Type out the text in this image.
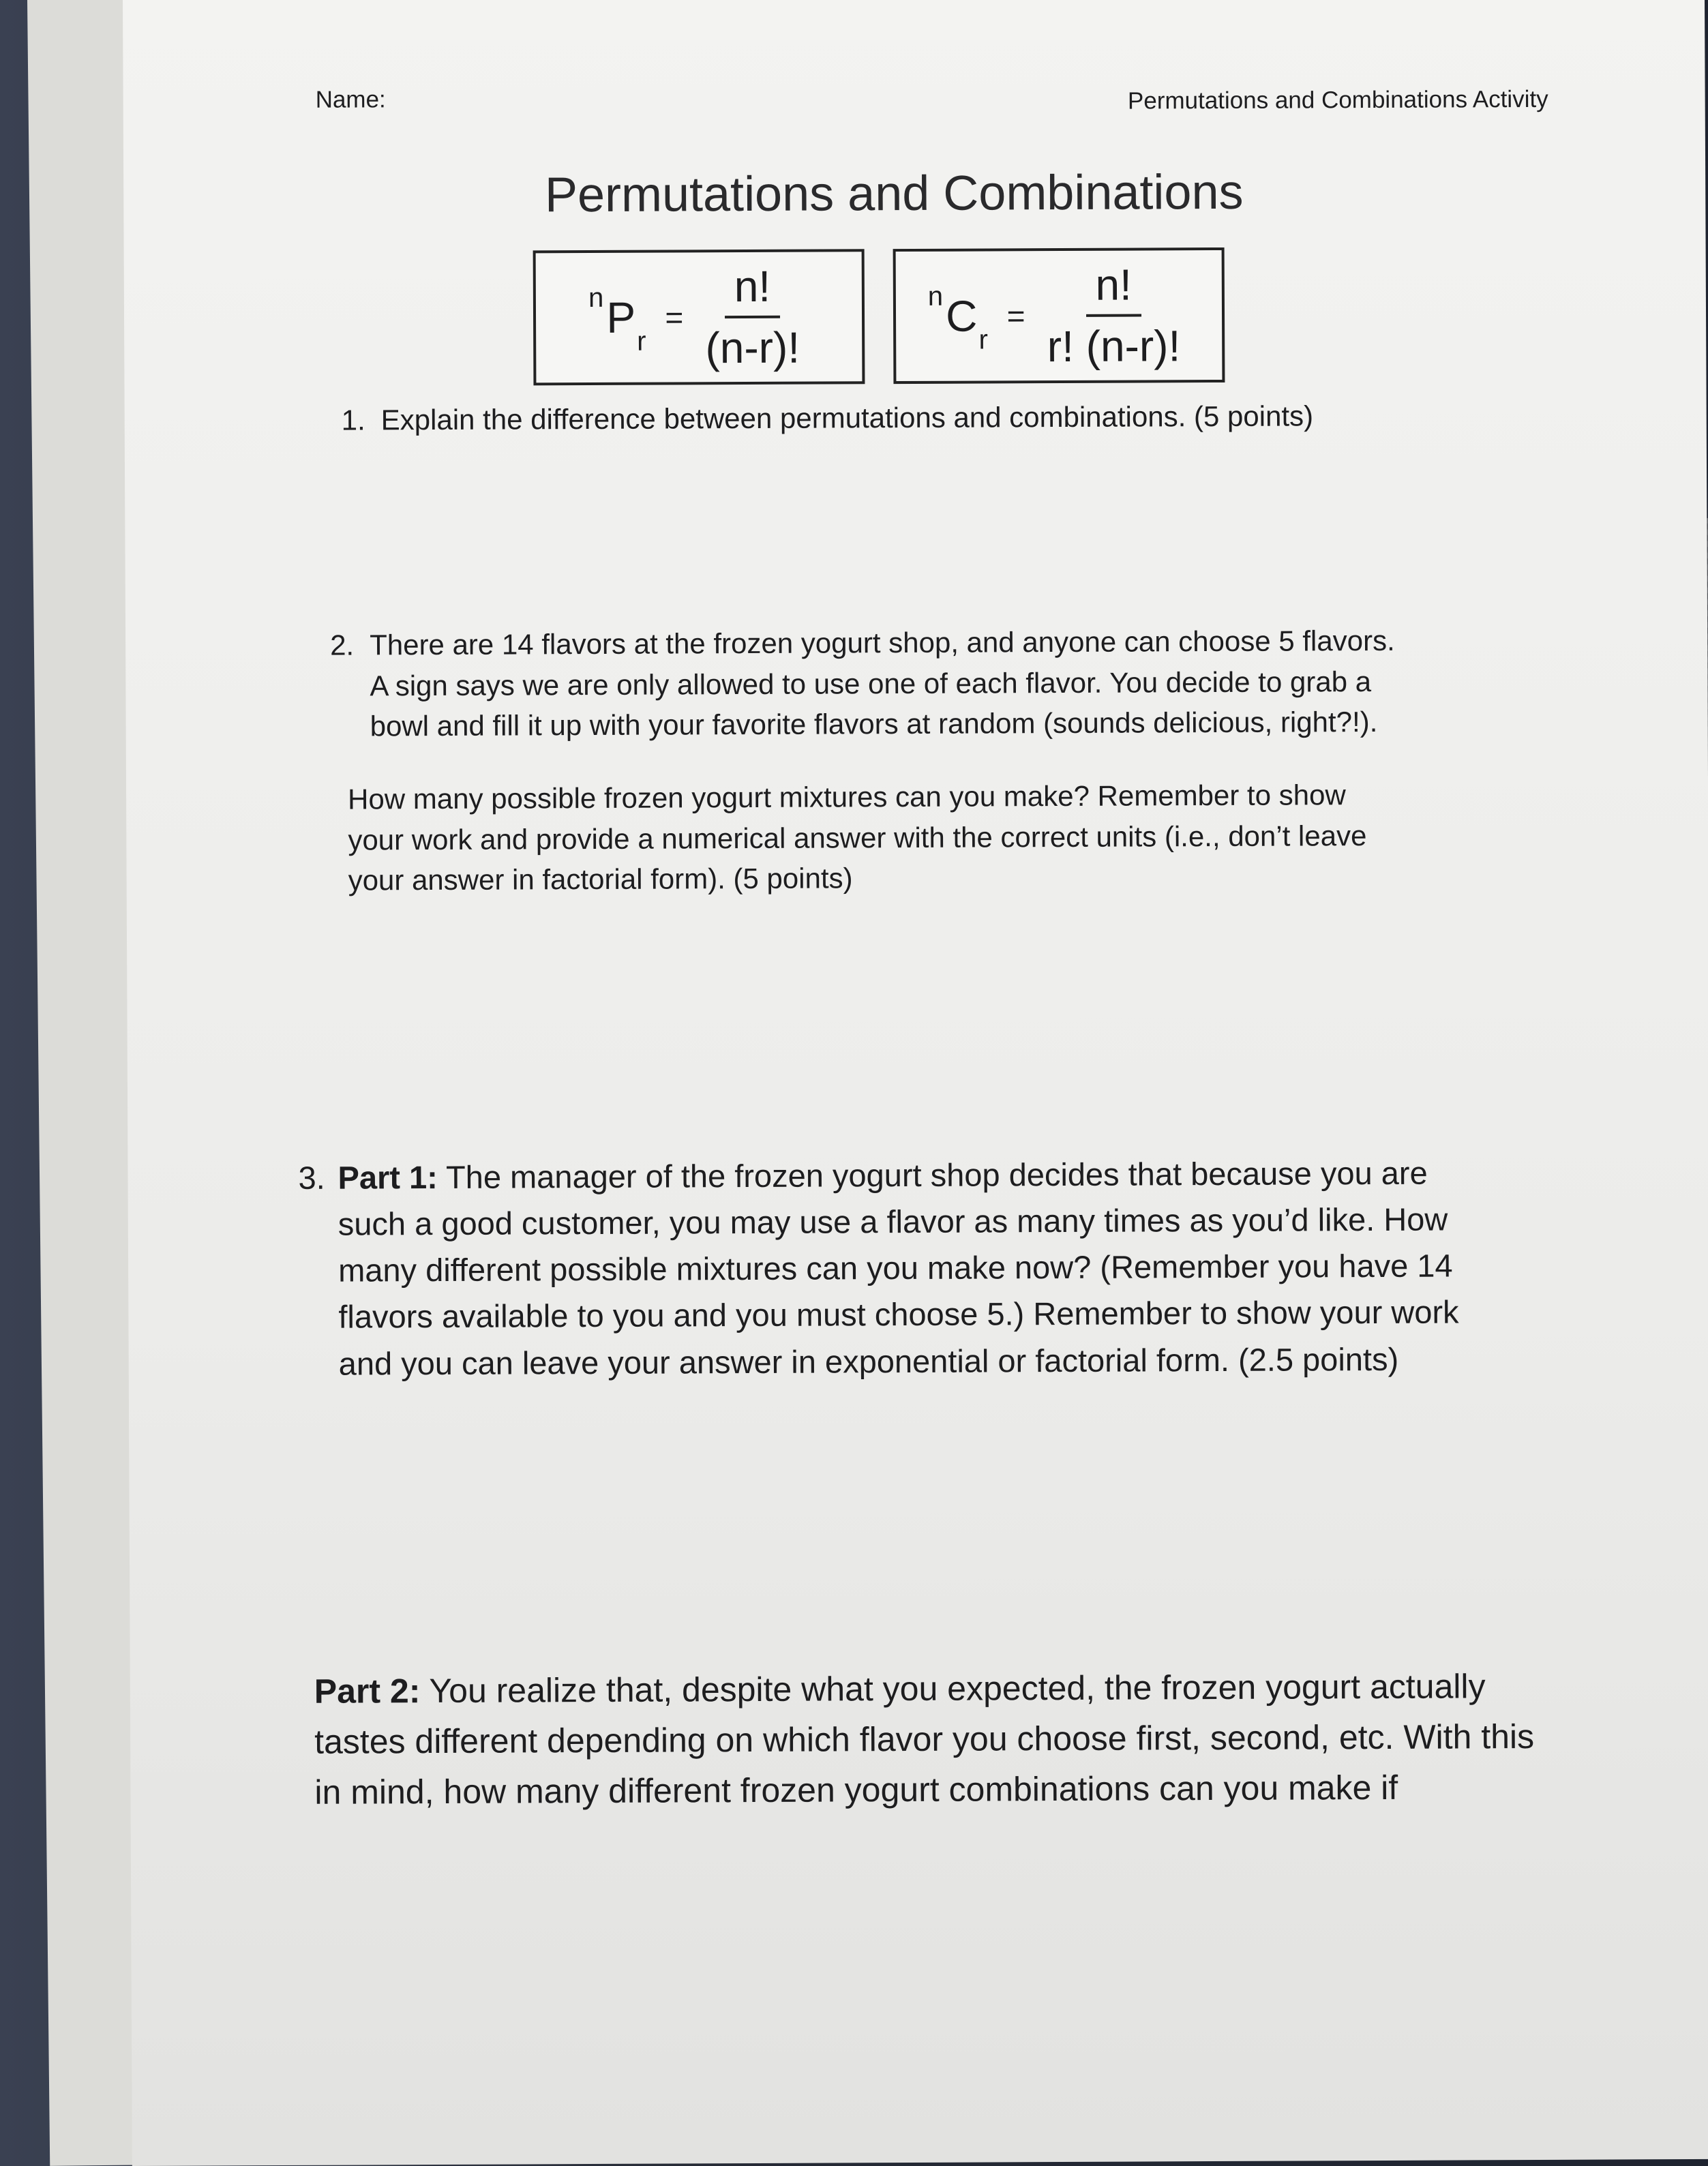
Name:	Permutations and Combinations Activity
Permutations and Combinations
$^nP_r$
= $\frac{n!}{(n-r)!}$	$^nC_r$
= $\frac{n!}{r! (n-r)!}$
1. Explain the difference between permutations and combinations. (5 points)
2. There are 14 flavors at the frozen yogurt shop, and anyone can choose 5 flavors.
A sign says we are only allowed to use one of each flavor. You decide to grab a
bowl and fill it up with your favorite flavors at random (sounds delicious, right?!).
How many possible frozen yogurt mixtures can you make? Remember to show
your work and provide a numerical answer with the correct units (i.e., don’t leave
your answer in factorial form). (5 points)
3. Part 1: The manager of the frozen yogurt shop decides that because you are
such a good customer, you may use a flavor as many times as you’d like. How
many different possible mixtures can you make now? (Remember you have 14
flavors available to you and you must choose 5.) Remember to show your work
and you can leave your answer in exponential or factorial form. (2.5 points)
Part 2: You realize that, despite what you expected, the frozen yogurt actually
tastes different depending on which flavor you choose first, second, etc. With this
in mind, how many different frozen yogurt combinations can you make if
